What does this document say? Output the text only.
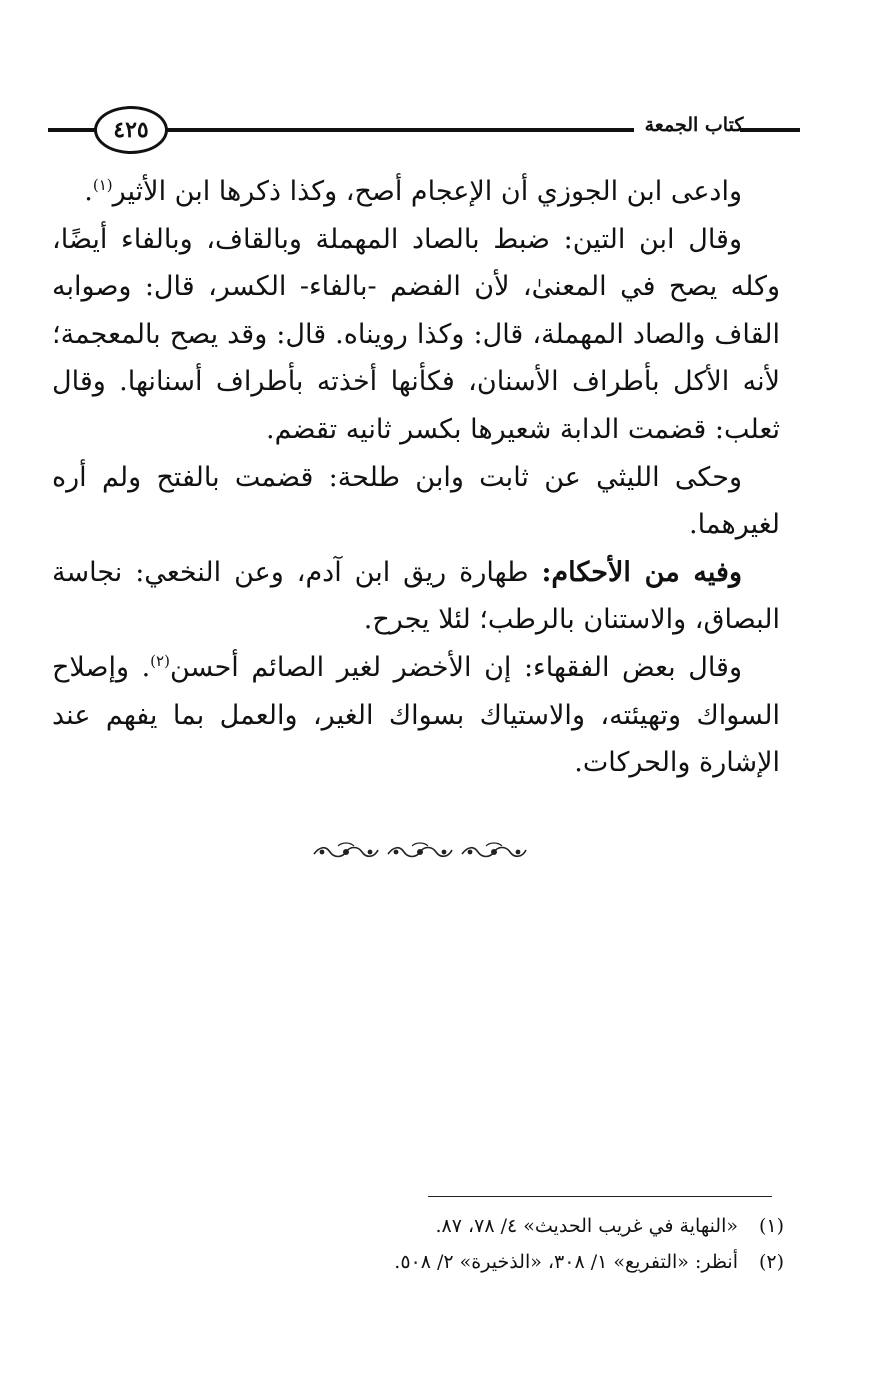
٤٢٥	كتاب الجمعة

وادعى ابن الجوزي أن الإعجام أصح، وكذا ذكرها ابن الأثير$^{(١)}$.

وقال ابن التين: ضبط بالصاد المهملة وبالقاف، وبالفاء أيضًا، وكله يصح في المعنىٰ، لأن الفضم -بالفاء- الكسر، قال: وصوابه القاف والصاد المهملة، قال: وكذا رويناه. قال: وقد يصح بالمعجمة؛ لأنه الأكل بأطراف الأسنان، فكأنها أخذته بأطراف أسنانها. وقال ثعلب: قضمت الدابة شعيرها بكسر ثانيه تقضم.

وحكى الليثي عن ثابت وابن طلحة: قضمت بالفتح ولم أره لغيرهما.

وفيه من الأحكام: طهارة ريق ابن آدم، وعن النخعي: نجاسة البصاق، والاستنان بالرطب؛ لئلا يجرح.

وقال بعض الفقهاء: إن الأخضر لغير الصائم أحسن$^{(٢)}$. وإصلاح السواك وتهيئته، والاستياك بسواك الغير، والعمل بما يفهم عند الإشارة والحركات.

(١)
«النهاية في غريب الحديث» ٤/ ٧٨، ٨٧.
(٢)
أنظر: «التفريع» ١/ ٣٠٨، «الذخيرة» ٢/ ٥٠٨.
